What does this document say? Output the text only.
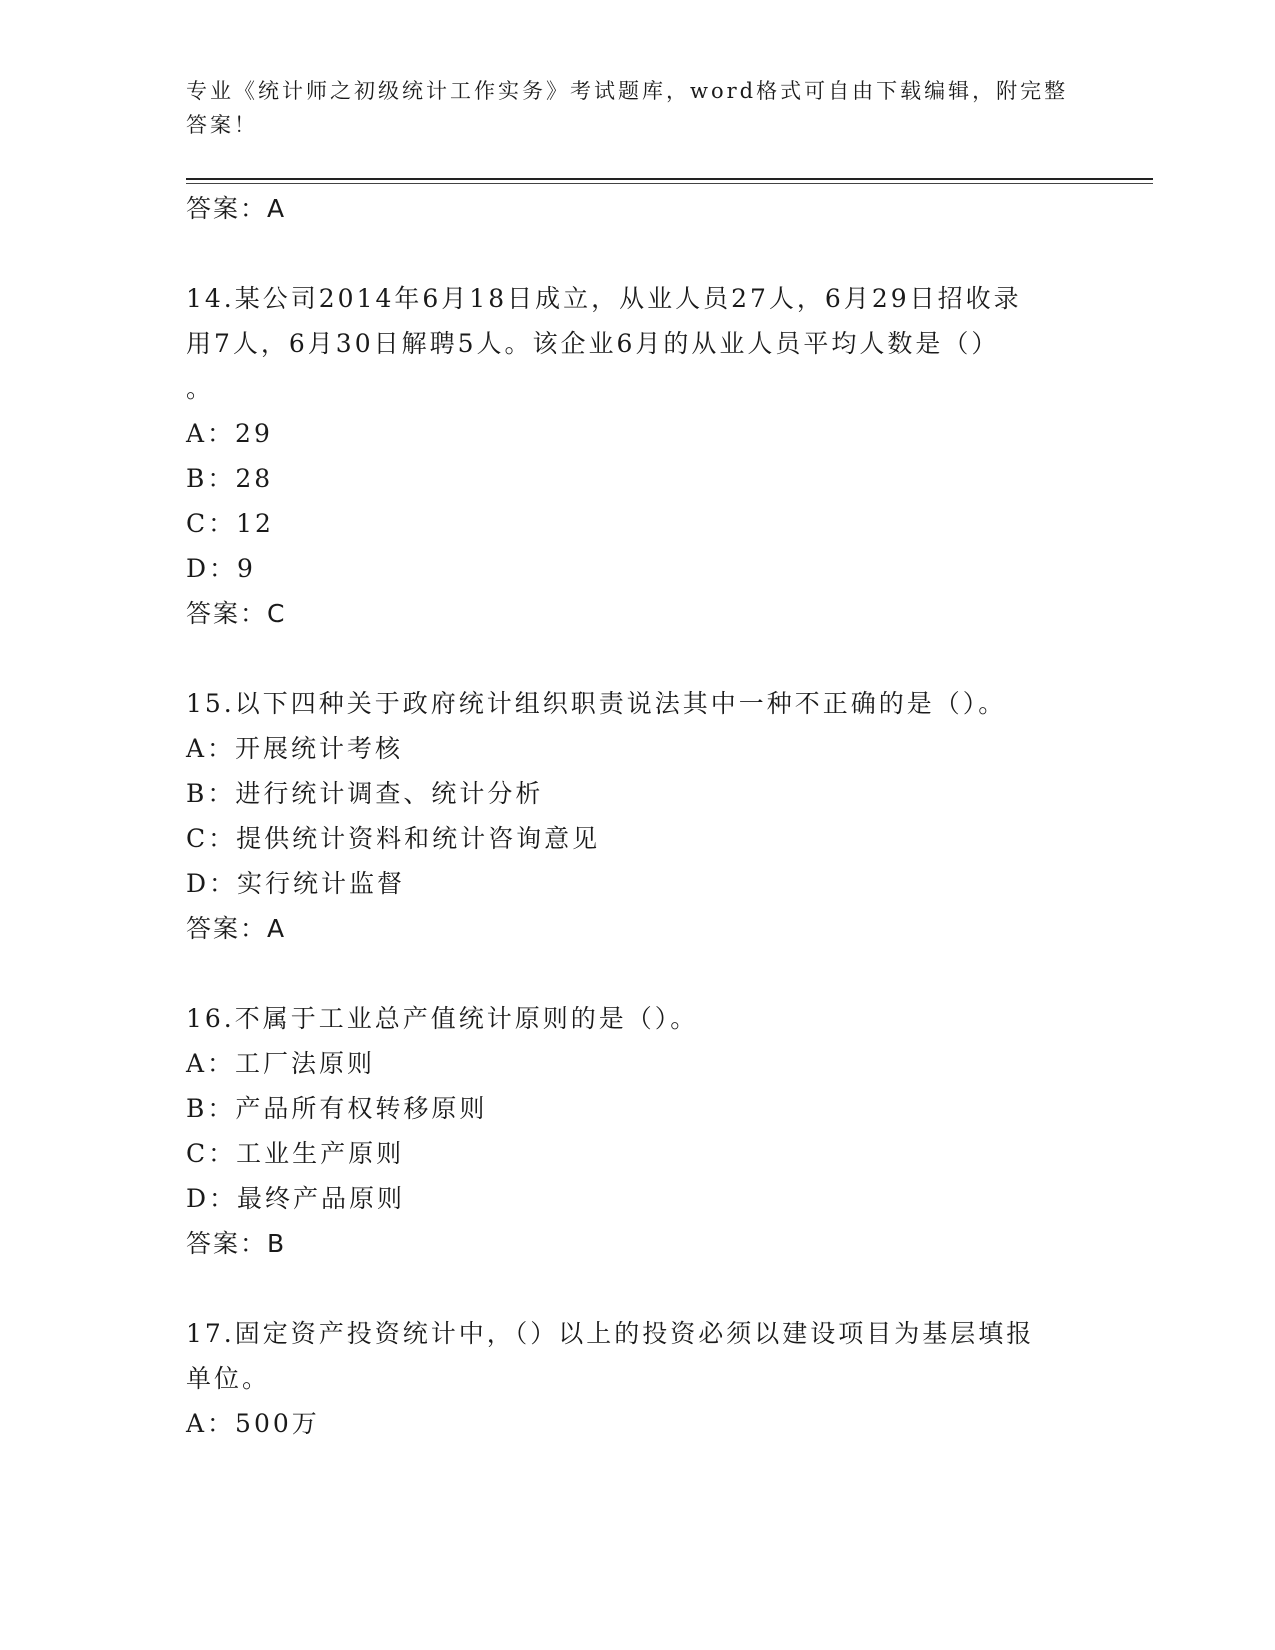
专业《统计师之初级统计工作实务》考试题库，word格式可自由下载编辑，附完整答案！
答案：A
14.某公司2014年6月18日成立，从业人员27人，6月29日招收录
用7人，6月30日解聘5人。该企业6月的从业人员平均人数是（）
。
A：29
B：28
C：12
D：9
答案：C
15.以下四种关于政府统计组织职责说法其中一种不正确的是（）。
A：开展统计考核
B：进行统计调查、统计分析
C：提供统计资料和统计咨询意见
D：实行统计监督
答案：A
16.不属于工业总产值统计原则的是（）。
A：工厂法原则
B：产品所有权转移原则
C：工业生产原则
D：最终产品原则
答案：B
17.固定资产投资统计中，（）以上的投资必须以建设项目为基层填报
单位。
A：500万
